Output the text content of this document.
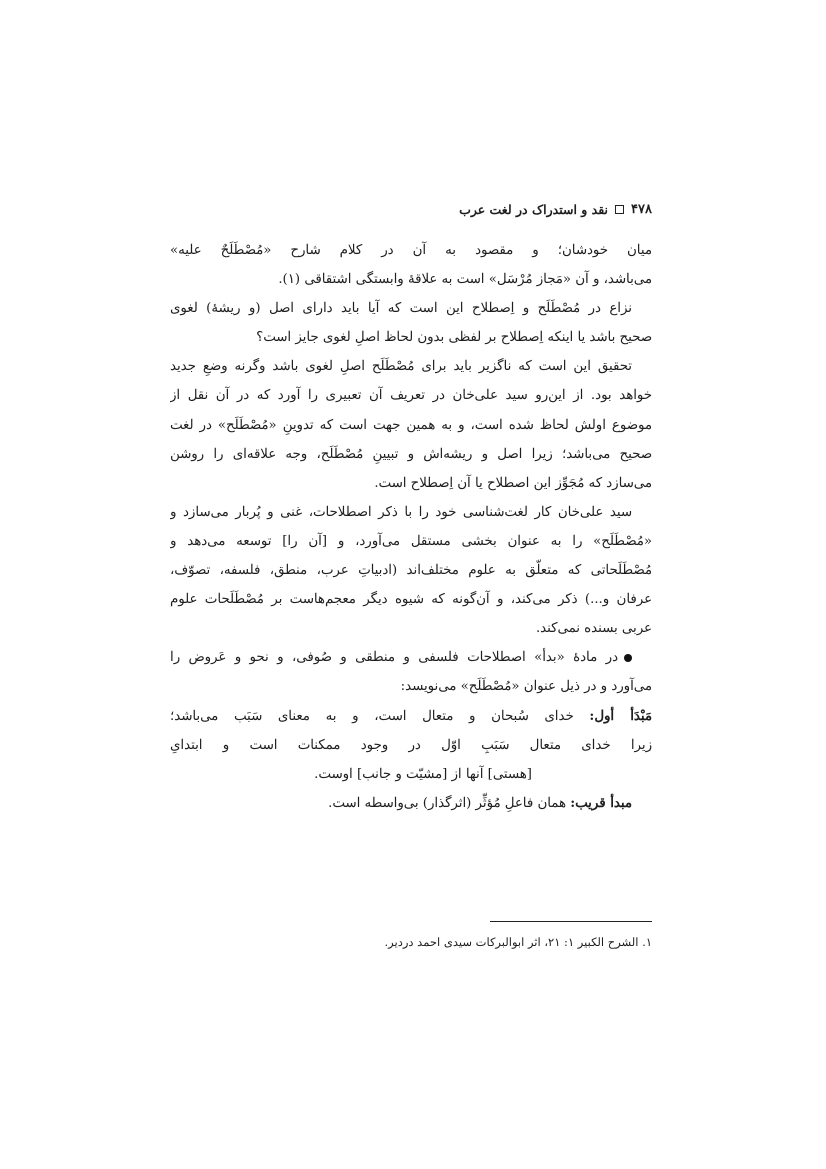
۴۷۸
نقد و استدراک در لغت عرب
میان خودشان؛ و مقصود به آن در کلام شارح «مُصْطَلَحٌ علیه»
می‌باشد، و آن «مَجاز مُرْسَل» است به علاقهٔ وابستگی اشتقاقی (۱).
نزاع در مُصْطَلَح و اِصطلاح این است که آیا باید دارای اصل (و ریشهٔ) لغوی
صحیح باشد یا اینکه اِصطلاح بر لفظی بدون لحاظ اصلِ لغوی جایز است؟
تحقیق این است که ناگزیر باید برای مُصْطَلَح اصلِ لغوی باشد وگرنه وضعِ جدید
خواهد بود. از این‌رو سید علی‌خان در تعریف آن تعبیری را آورد که در آن نقل از
موضوع اولش لحاظ شده است، و به همین جهت است که تدوینِ «مُصْطَلَح» در لغت
صحیح می‌باشد؛ زیرا اصل و ریشه‌اش و تبیینِ مُصْطَلَح، وجه علاقه‌ای را روشن
می‌سازد که مُجَوِّز این اصطلاح یا آن اِصطلاح است.
سید علی‌خان کار لغت‌شناسی خود را با ذکر اصطلاحات، غنی و پُربار می‌سازد و
«مُصْطَلَح» را به عنوان بخشی مستقل می‌آورد، و [آن را] توسعه می‌دهد و
مُصْطَلَحاتی که متعلّق به علوم مختلف‌اند (ادبیاتِ عرب، منطق، فلسفه، تصوّف،
عرفان و...) ذکر می‌کند، و آن‌گونه که شیوه دیگر معجم‌هاست بر مُصْطَلَحات علوم
عربی بسنده نمی‌کند.
در مادهٔ «بدأ» اصطلاحات فلسفی و منطقی و صُوفی، و نحو و عَروض را
می‌آورد و در ذیل عنوان «مُصْطَلَح» می‌نویسد:
مَبْدَأ أول: خدای سُبحان و متعال است، و به معنای سَبَب می‌باشد؛
زیرا خدای متعال سَبَبِ اوّل در وجود ممکنات است و ابتدایِ
[هستی] آنها از [مشیّت و جانب] اوست.
مبدأ قريب: همان فاعلِ مُؤثِّر (اثرگذار) بی‌واسطه است.
۱. الشرح الکبیر ۱: ۲۱، اثر ابوالبرکات سیدی احمد دردیر.
